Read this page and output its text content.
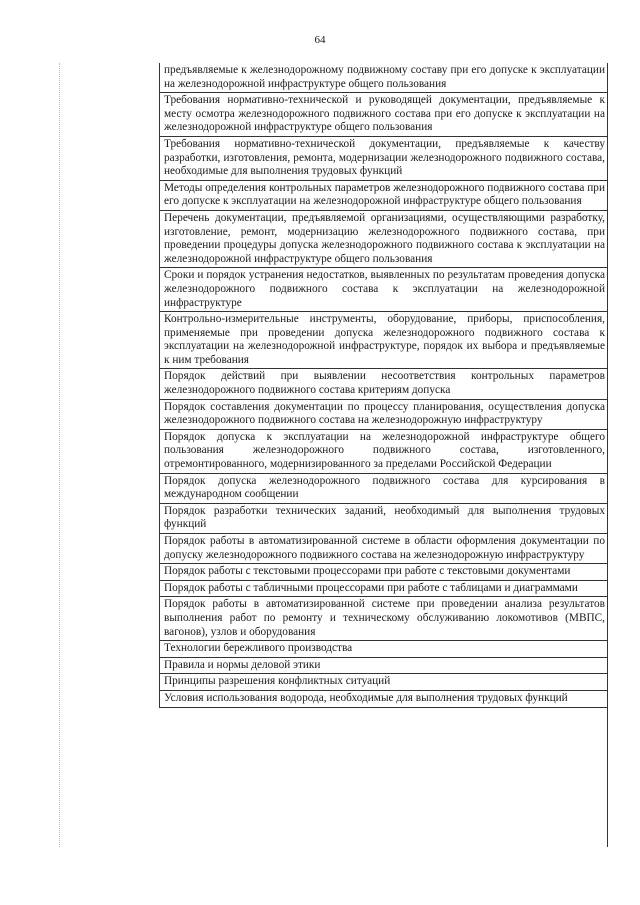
64

	предъявляемые к железнодорожному подвижному составу при его допуске к эксплуатации на железнодорожной инфраструктуре общего пользования

	Требования нормативно-технической и руководящей документации, предъявляемые к месту осмотра железнодорожного подвижного состава при его допуске к эксплуатации на железнодорожной инфраструктуре общего пользования

	Требования нормативно-технической документации, предъявляемые к качеству разработки, изготовления, ремонта, модернизации железнодорожного подвижного состава, необходимые для выполнения трудовых функций

	Методы определения контрольных параметров железнодорожного подвижного состава при его допуске к эксплуатации на железнодорожной инфраструктуре общего пользования

	Перечень документации, предъявляемой организациями, осуществляющими разработку, изготовление, ремонт, модернизацию железнодорожного подвижного состава, при проведении процедуры допуска железнодорожного подвижного состава к эксплуатации на железнодорожной инфраструктуре общего пользования

	Сроки и порядок устранения недостатков, выявленных по результатам проведения допуска железнодорожного подвижного состава к эксплуатации на железнодорожной инфраструктуре

	Контрольно-измерительные инструменты, оборудование, приборы, приспособления, применяемые при проведении допуска железнодорожного подвижного состава к эксплуатации на железнодорожной инфраструктуре, порядок их выбора и предъявляемые к ним требования

	Порядок действий при выявлении несоответствия контрольных параметров железнодорожного подвижного состава критериям допуска

	Порядок составления документации по процессу планирования, осуществления допуска железнодорожного подвижного состава на железнодорожную инфраструктуру

	Порядок допуска к эксплуатации на железнодорожной инфраструктуре общего пользования железнодорожного подвижного состава, изготовленного, отремонтированного, модернизированного за пределами Российской Федерации

	Порядок допуска железнодорожного подвижного состава для курсирования в международном сообщении

	Порядок разработки технических заданий, необходимый для выполнения трудовых функций

	Порядок работы в автоматизированной системе в области оформления документации по допуску железнодорожного подвижного состава на железнодорожную инфраструктуру

	Порядок работы с текстовыми процессорами при работе с текстовыми документами

	Порядок работы с табличными процессорами при работе с таблицами и диаграммами

	Порядок работы в автоматизированной системе при проведении анализа результатов выполнения работ по ремонту и техническому обслуживанию локомотивов (МВПС, вагонов), узлов и оборудования

	Технологии бережливого производства

	Правила и нормы деловой этики

	Принципы разрешения конфликтных ситуаций

	Условия использования водорода, необходимые для выполнения трудовых функций
